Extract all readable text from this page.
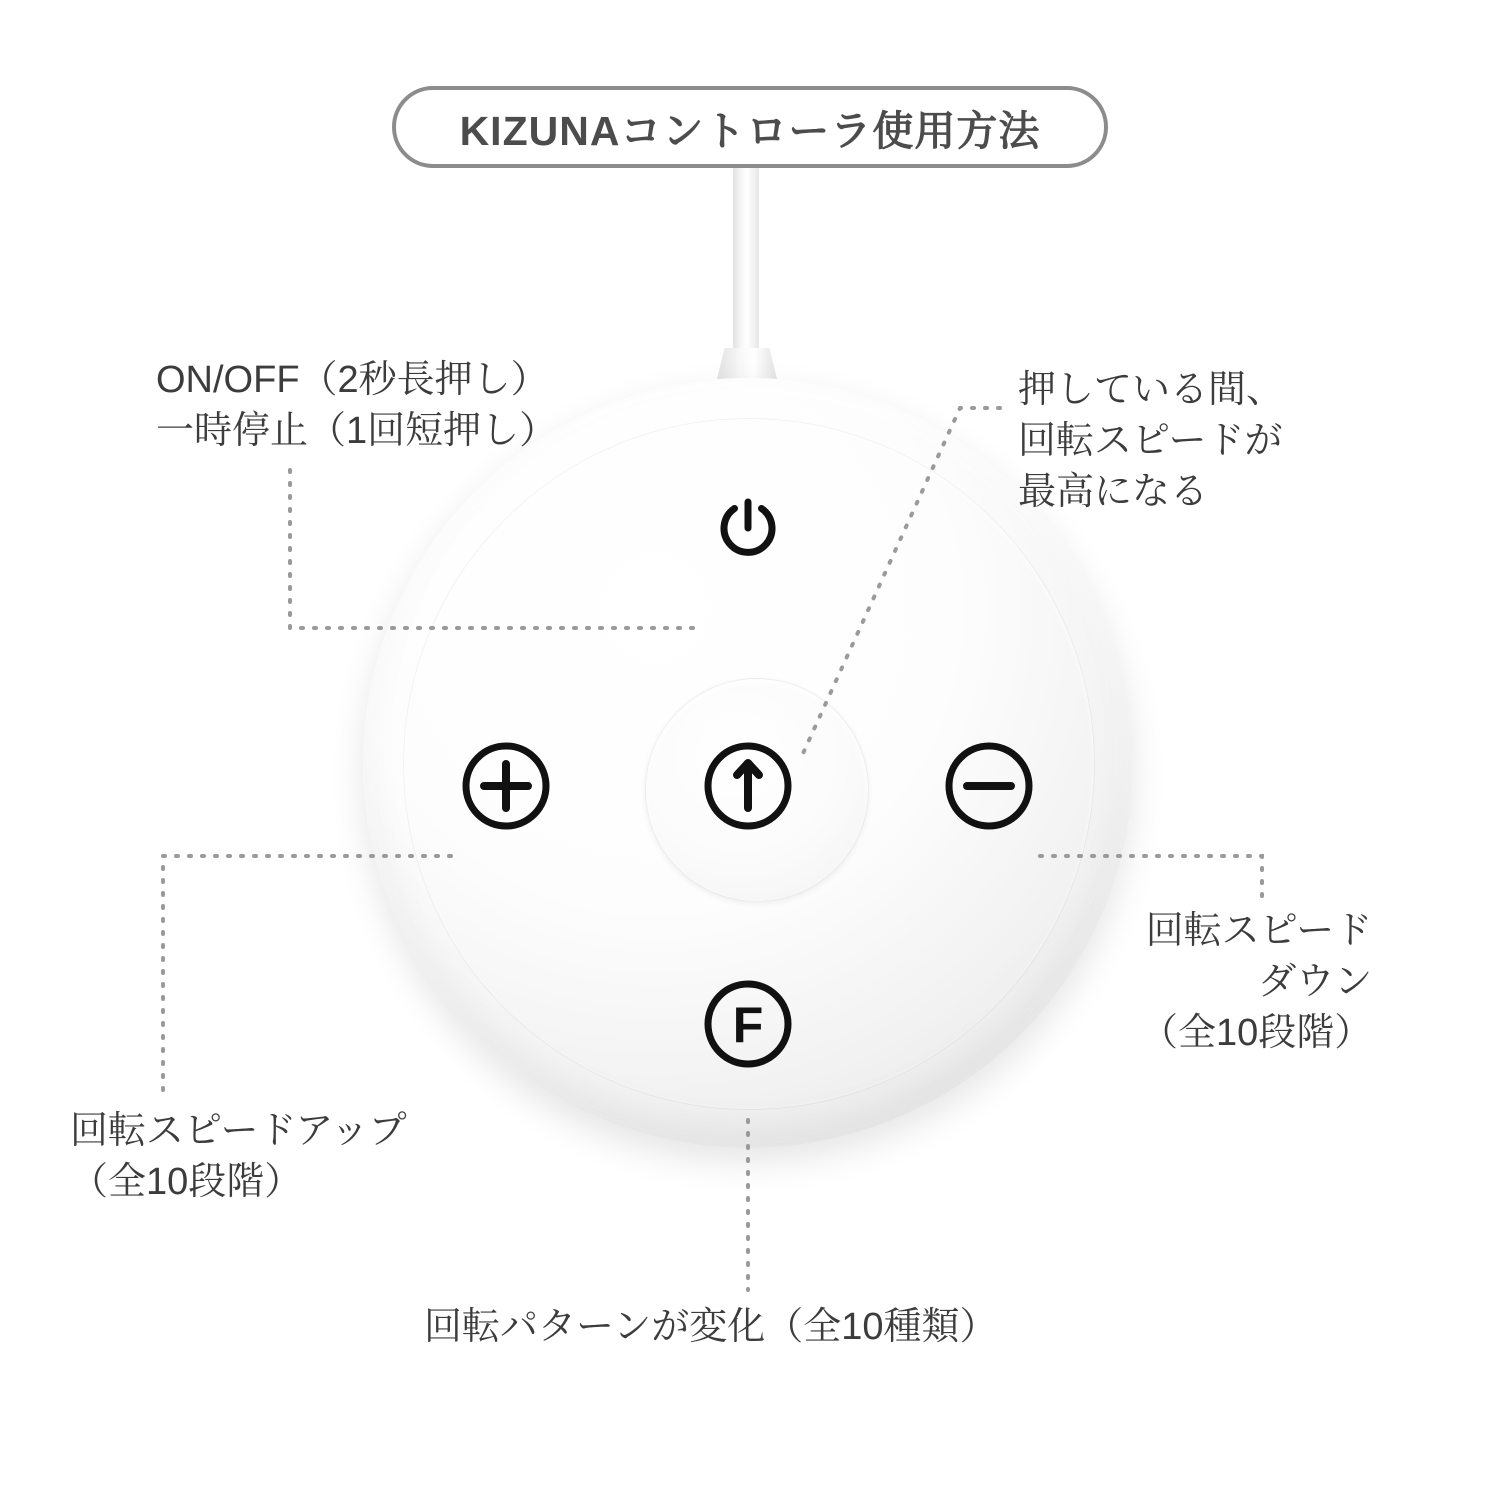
KIZUNAコントローラ使用方法
F
ON/OFF（2秒長押し）
一時停止（1回短押し）
押している間、
回転スピードが
最高になる
回転スピードアップ
（全10段階）
回転スピード
ダウン
（全10段階）
回転パターンが変化（全10種類）
